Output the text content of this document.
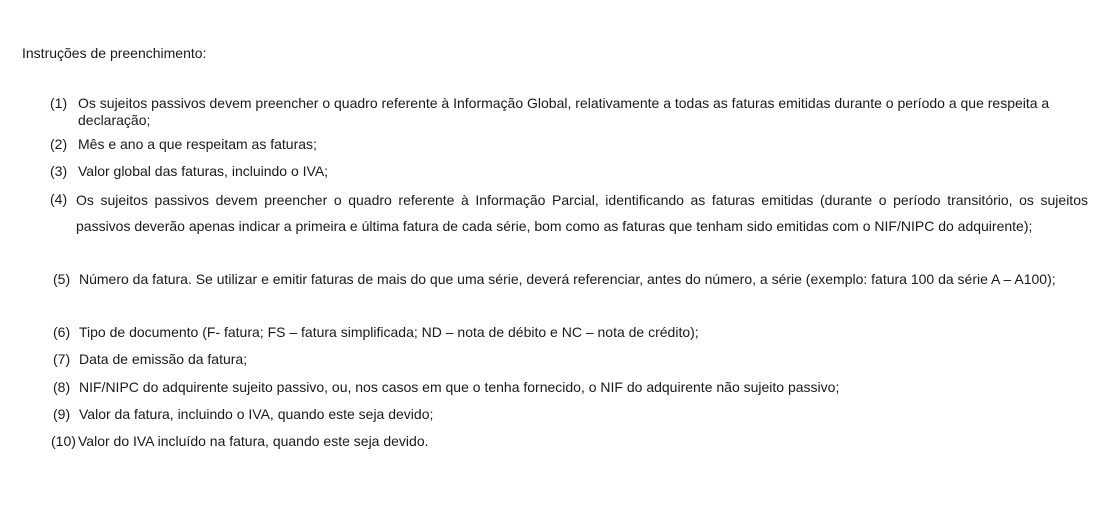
Instruções de preenchimento:
(1) Os sujeitos passivos devem preencher o quadro referente à Informação Global, relativamente a todas as faturas emitidas durante o período a que respeita a declaração;
(2) Mês e ano a que respeitam as faturas;
(3) Valor global das faturas, incluindo o IVA;
(4) Os sujeitos passivos devem preencher o quadro referente à Informação Parcial, identificando as faturas emitidas (durante o período transitório, os sujeitos passivos deverão apenas indicar a primeira e última fatura de cada série, bom como as faturas que tenham sido emitidas com o NIF/NIPC do adquirente);
(5) Número da fatura. Se utilizar e emitir faturas de mais do que uma série, deverá referenciar, antes do número, a série (exemplo: fatura 100 da série A – A100);
(6) Tipo de documento (F- fatura; FS – fatura simplificada; ND – nota de débito e NC – nota de crédito);
(7) Data de emissão da fatura;
(8) NIF/NIPC do adquirente sujeito passivo, ou, nos casos em que o tenha fornecido, o NIF do adquirente não sujeito passivo;
(9) Valor da fatura, incluindo o IVA, quando este seja devido;
(10) Valor do IVA incluído na fatura, quando este seja devido.
